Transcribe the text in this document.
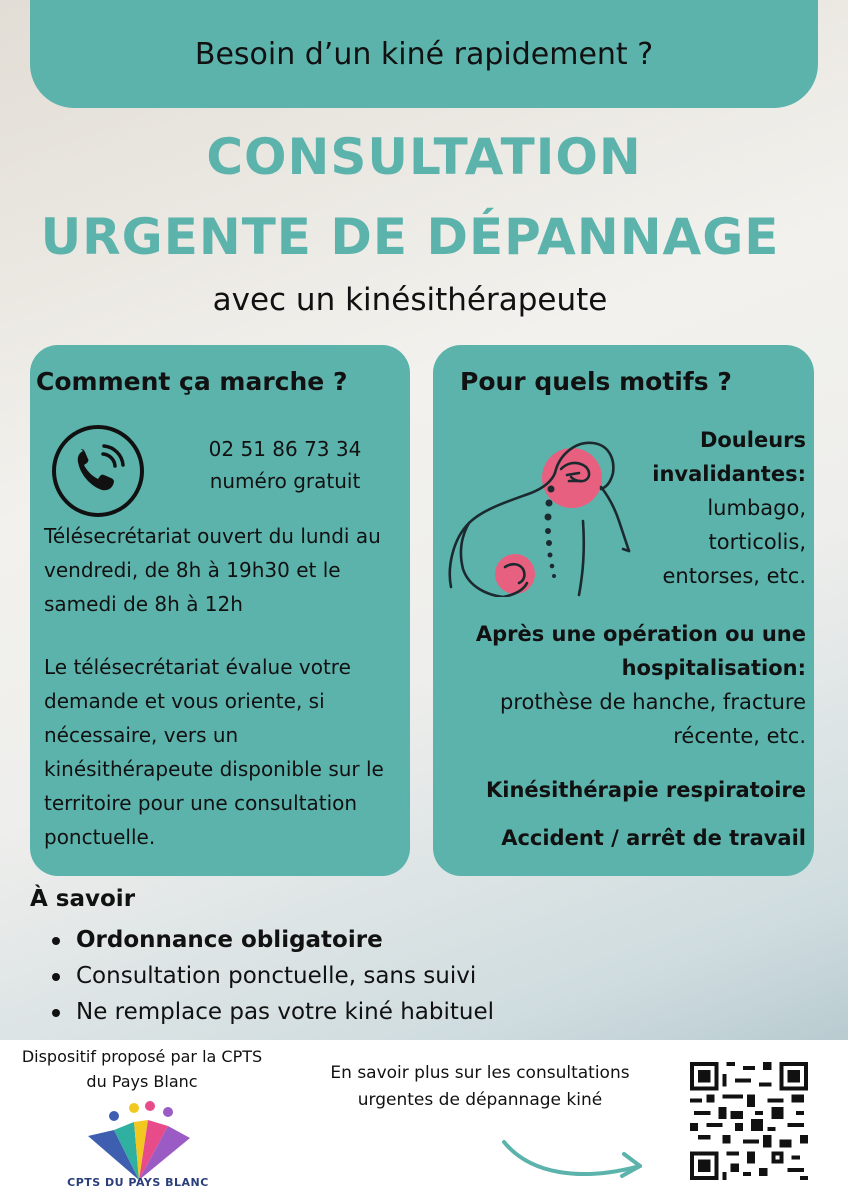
Besoin d’un kiné rapidement ?
CONSULTATION
URGENTE DE DÉPANNAGE
avec un kinésithérapeute
Comment ça marche ?
02 51 86 73 34
numéro gratuit
Télésecrétariat ouvert du lundi au vendredi, de 8h à 19h30 et le samedi de 8h à 12h
Le télésecrétariat évalue votre demande et vous oriente, si nécessaire, vers un kinésithérapeute disponible sur le territoire pour une consultation ponctuelle.
Pour quels motifs ?
Douleurs invalidantes:
lumbago, torticolis, entorses, etc.
Après une opération ou une hospitalisation:
prothèse de hanche, fracture récente, etc.
Kinésithérapie respiratoire
Accident / arrêt de travail
À savoir
Ordonnance obligatoire
Consultation ponctuelle, sans suivi
Ne remplace pas votre kiné habituel
Dispositif proposé par la CPTS du Pays Blanc
CPTS DU PAYS BLANC
En savoir plus sur les consultations urgentes de dépannage kiné
